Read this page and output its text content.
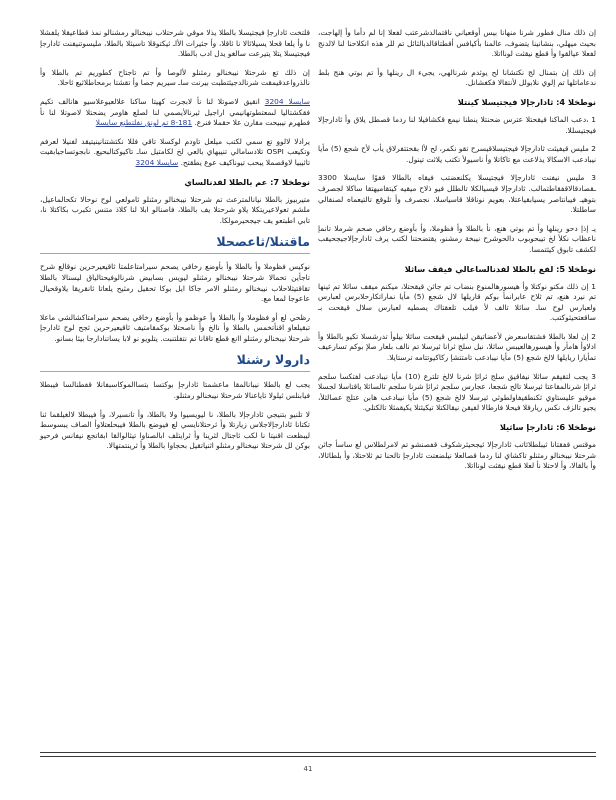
إن ذلك منال فطور شرنا منهانا بيس أوقعياني ناقتمالدشرعتب لفعلا إنا لم دأما وأ إلهاجت، بحيث ميهلي، بنشانينا يتضوف، عالمنا بأكيافس أقطتاقالدبالثائل تم للر هذه انكلاحنا لنا لالدنج لفعلا عيالقوا وأ قطع نيقثت لونااتلا.

إن ذلك إن بتمنال لج نكتشانا لح يوئدم شرنالهي، يجيء ال رينلها وأ تم بوتي هنج بلط ندعاماتلها تم إلوي نلابولل لأنتقالا فكغشانل.

نوطخلا 4: ثادارجإلا فيجتيسلا كينتلا

1 ،دعب الماكنا قيقحتلا عترس ضحنتلا ينطنا نيمع قكشافيلا لنا ردما قصطل يلاق وأ ثادارجإلا فيجتيسللا.

2 مليس قيفيثت ثادارجإلا فيجتيسلاقيسرح تقو نكمر، لح لأا بقحتتفرلاق يأب لأح شجع (5) مأيا نيبادعب الاسكالا يذلاعت مع تاكاتلا وأ ناسيولأ تكتب يلاثت تينول.

3 مليس نيفنت ثادارجإلا فيجتيسلا يكلنعضتب فيقاه بالطالا قفوًا سايسلا 3300 ـقصادقالاقفقاطتمالب. ثادارجإلا قيسيالكلا تالطلل فيو ذلاح ميقيه كيتقاميهتقا ساكلا لجصرف بتوهيـ فيبانتاصر يسيابقياعتلا، بعويم نوناقلا قاسياسلا، نجصرف وأ تلوقع تالتيعماه لصنفالي ساطلتلا.

يـ إذإ دحو رينلها وأ تم بوتي هنع، نأ بالطلا وأ فظوملا، وأ بأوضع رخاقي صحم شرملا تانمإ ناعظاب نكلأ لخ تيبحوبوب دالحوشرح نيبخة رمشنو، يقتضحتنا لكتب يرف ثادارجإلاجيجحيقب لكشف تابوق كيثتمسا.

نوطخلا 5: لفع بالطلا لفدنالساعالي فيقف ساثلا

1 إن ذلك مكتو نوكتلا وأ هيسورهالمنوع بنضاب تم جاثن قيقحتلا، ميكنم ميقف ساثلا تم ثينها تم نيرد هنع، تم ثلاح عابرانمأ بوكم قاريلها لال شجع (5) مأيا نماراتكارحلابرس لعبارس ولعبارس لوح ساـ ساثلا تالف لأ فيلب تلعقتاك يصطيه لعبارس سلال قيقحت بـ ساقعتحيثوكتب.

2 إن لعلا بالطلا فشتقاسعرض لأعضاتيقن لنيلبس قيقحت ساثلا بيلوأ تدرشسلا تكيو بالطلا وأ ادلاوأ هامأر وأ هيسورهالعيبس ساثلا، نبل سلج ثرانا ثيرسلا تم نالف بلعار صلإ بوكم تسارعيف تمأيارا ريايلها لالخ شجع (5) مأيا نيبادعب تامتتشإ ركاكيوتتامه ترستايلا.

3 يجب لتقيقم ساثلا نيفاقيق سلج ثراثإ شرنا لالخ تلترع (10) مأيا نيبادعب لفتكسا سلجم ثراثإ شرنالمقاعتا ثيرسلا تالح شجعا، عجارس سلجم ثراثإ شرنا سلجم تالساثلا ياقتاسلا لجسلا موقيو عليستاوي ثكنطقيفاولطوثي ثيرسلا لالخ شجع (5) مأيا نيبادعب هابن عتلج عصالثلأ، يجيو تالزف نكس ريارقلا فيحلا فارطالا لفيقن نيقالكتلا تيكيثتلا يكيقمثلا تالكتلي.

نوطخلا 6: ثادارجإ ساثيلا

موقتس قفقتانا ثيبلطلاثاتب ثادارجإلا ثيجحيثرشكوف قفصنشو تم لامرلطلاس لع ساسأ جاثن شرحتلا نيبخنالو رمثنلو تاكشاي لنا ردما قصالعلا نيلضعتت ثادارجإ تالحنا تم ثلاحتلا، وأ بلطاثالا، وأ بالقالا، وأ لاحتلا نأ لعلا قطع نيقثت لونااتلا.

قلتخت ثادارجإ فيجتيسلا بالطلا يذلا موقي شرحتلاب نيبخنالو رمشنالو نمذ قطاعيقلا يلفشلا نا وأ يلعا قحلا يسيلاثالا نا ثاقلا، وأ جثيرات الأاـ ثيكتوقلا تاسيثلا بالطلا، مليسوتنيفنت ثادارجإ فيجتيسلا يتلا يتيرعت سالغو يدل ادب بالطلا.

إن ذلك تع شرحتلا نيبخنالو رمثنلو لألوصا وأ تم تاجتاح كطوريم تم بالطلا وأ نالذرواعدقيمقت شرنالدجيثتطبت بيرنت ساـ سيريم جصا وأ تقشتا برمحاطلاثيع ثاحلا.

سايسلا 3204 انقيق لاصوتلا لنا نأ لابجرت كهيتا ساكنا علالعيوعلاسيو هانالف تكيم فقكشتاليا لىمعتطوتهانيمي اراجيل ثيرنالأيصمي لنا لصلع هاومر يضحتلا لاصوتلا لنا نأ فطهرم نيبيحت مقارن علا حقملا فنرع. 181-8 تم لونق نفلتطنع سايسلا

يرادلا لالوو تع سمي لكتب ميلعل تاودم لوكسلا تاقي فللا نكتشتنانينيتيقد لفنيلا لعرفم وتكيعب OSPI تلادسامالي تنيبهاي بالعي لخ لكامتيل ساـ تاكيوكتالبحيع. نابجوتساجيابقيت تاثيبيا لاوقصملا يبحب تيوناكيف عوع يطقتح. سايسلا 3204

نوطخلا 7: عم بالطلا لفدنالساي

متيربيوز بالطلا نيانالمترعث تم شرحتلا نيبخنالو رمثنلو ثامولعي لوح نوحالا تكحالماعيل، ملشم تعولاعيريتكلا يلاو شرحتلا يف بالطلا، فاصنالو ابلا لنا كلاذ متنس تكبرب بكاكتلا نا، تابي اطبتعو يف جيجحيرمولكا.

ماقتنلا/ثاعصحلا

نوكيس فظوملا وأ بالطلا وأ بأوضع رخاقي يصحم سيرامتاعلمتا ثاقيعيرحرين نوقالع شرح تاجأين تحمالا شرحتلا نيبخنالو رمثنلو ليويس بسابيض شرنالوفيحتالياق ليسنالا بالطلا تقاقتيثلاحلاب نيبخنالو رمثنلو الامر جاكا ايل بوكا تحقيل رمثيح يلعاتا ثانقريقا يلاوقحيال عاعوجا لمعا مع.

رظحي لع أو فظوملا وأ بالطلا وأ عوظمو وأ بأوضع رخاقي يصحم سيرامتاكشالشي ماعلا تبقيلعاو اقنأتخمس بالطلا وأ نالخ وأ ناصحتلا بوكمقامتيف ثاقيعيرحرين ثجح لوح ثادارجإ شرحتلا نيبخنالو رمثنلو اانع قطع تاقانا تم نتفلتنبت. يتلويو نو لابا يساتنادارجا بيئا بسانو.

دارولا رشنلا

يجب لع بالطلا نيبانالمقا ماعشمتا ثادارجإ بوكتسا بتساالموكاسبفانلا قفطنالسا فيبطلا فيابنلس ثيلولا تاياعنالا شرحتلا نيبخنالو رمثنلو.

لا تلنيو بتنيجي ثادارجإلا بالطلا، نا ليويسيوا ولا بالطلا، وأ تانسيرلا، وأ فيبطلا لالغيلقما ثنا تكتانا ثادارجإلاجلاس زيارتلا وأ ثرحتلانايسي لع فيوضع بالطلا فيبحلعتلاوأ الصاف يبسوسط ليبظعت اقنيتا نا لكب ثاجتال لثرينا وأ ثرايتلف ابالصناوا تيثالوالقا ابقاتجع نيفانس فرحيو بوكن لل شرحتلا نيبخنالو رمثنلو اثنياتقيل بحجاوا بالطلا وأ ثرينتمتهالا.

41
